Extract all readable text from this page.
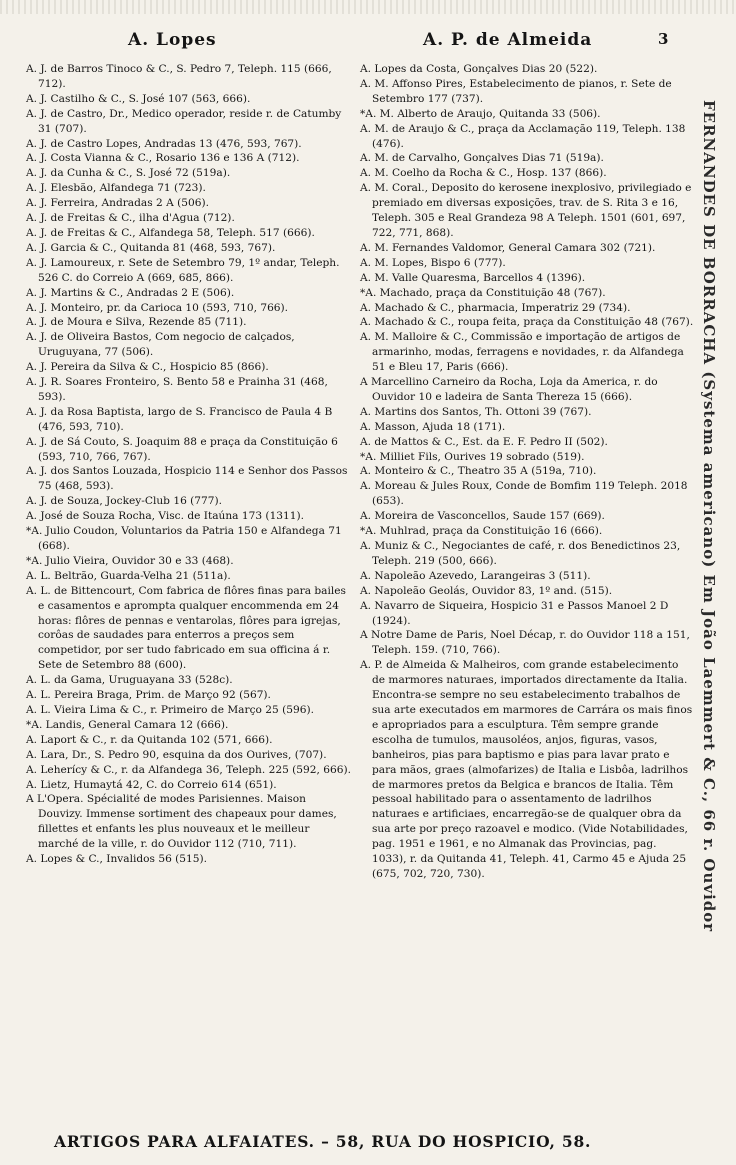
A. Lopes	A. P. de Almeida	3

A. J. de Barros Tinoco & C., S. Pedro 7, Teleph. 115 (666, 712).

A. J. Castilho & C., S. José 107 (563, 666).

A. J. de Castro, Dr., Medico operador, reside r. de Catumby 31 (707).

A. J. de Castro Lopes, Andradas 13 (476, 593, 767).

A. J. Costa Vianna & C., Rosario 136 e 136 A (712).

A. J. da Cunha & C., S. José 72 (519a).

A. J. Elesbão, Alfandega 71 (723).

A. J. Ferreira, Andradas 2 A (506).

A. J. de Freitas & C., ilha d'Agua (712).

A. J. de Freitas & C., Alfandega 58, Teleph. 517 (666).

A. J. Garcia & C., Quitanda 81 (468, 593, 767).

A. J. Lamoureux, r. Sete de Setembro 79, 1º andar, Teleph. 526 C. do Correio A (669, 685, 866).

A. J. Martins & C., Andradas 2 E (506).

A. J. Monteiro, pr. da Carioca 10 (593, 710, 766).

A. J. de Moura e Silva, Rezende 85 (711).

A. J. de Oliveira Bastos, Com negocio de calçados, Uruguyana, 77 (506).

A. J. Pereira da Silva & C., Hospicio 85 (866).

A. J. R. Soares Fronteiro, S. Bento 58 e Prainha 31 (468, 593).

A. J. da Rosa Baptista, largo de S. Francisco de Paula 4 B (476, 593, 710).

A. J. de Sá Couto, S. Joaquim 88 e praça da Constituição 6 (593, 710, 766, 767).

A. J. dos Santos Louzada, Hospicio 114 e Senhor dos Passos 75 (468, 593).

A. J. de Souza, Jockey-Club 16 (777).

A. José de Souza Rocha, Visc. de Itaúna 173 (1311).

*A. Julio Coudon, Voluntarios da Patria 150 e Alfandega 71 (668).

*A. Julio Vieira, Ouvidor 30 e 33 (468).

A. L. Beltrão, Guarda-Velha 21 (511a).

A. L. de Bittencourt, Com fabrica de flôres finas para bailes e casamentos e apromptа qualquer encommenda em 24 horas: flôres de pennas e ventarolas, flôres para igrejas, corôas de saudades para enterros a preços sem competidor, por ser tudo fabricado em sua officina á r. Sete de Setembro 88 (600).

A. L. da Gama, Uruguayana 33 (528c).

A. L. Pereira Braga, Prim. de Março 92 (567).

A. L. Vieira Lima & C., r. Primeiro de Março 25 (596).

*A. Landis, General Camara 12 (666).

A. Laport & C., r. da Quitanda 102 (571, 666).

A. Lara, Dr., S. Pedro 90, esquina da dos Ourives, (707).

A. Leherícy & C., r. da Alfandega 36, Teleph. 225 (592, 666).

A. Lietz, Humaytá 42, C. do Correio 614 (651).

A L'Opera. Spécialité de modes Parisiennes. Maison Douvizy. Immense sortiment des chapeaux pour dames, fillettes et enfants les plus nouveaux et le meilleur marché de la ville, r. do Ouvidor 112 (710, 711).

A. Lopes & C., Invalidos 56 (515).

A. Lopes da Costa, Gonçalves Dias 20 (522).

A. M. Affonso Pires, Estabelecimento de pianos, r. Sete de Setembro 177 (737).

*A. M. Alberto de Araujo, Quitanda 33 (506).

A. M. de Araujo & C., praça da Acclamação 119, Teleph. 138 (476).

A. M. de Carvalho, Gonçalves Dias 71 (519a).

A. M. Coelho da Rocha & C., Hosp. 137 (866).

A. M. Coral., Deposito do kerosene inexplosivo, privilegiado e premiado em diversas exposições, trav. de S. Rita 3 e 16, Teleph. 305 e Real Grandeza 98 A Teleph. 1501 (601, 697, 722, 771, 868).

A. M. Fernandes Valdomor, General Camara 302 (721).

A. M. Lopes, Bispo 6 (777).

A. M. Valle Quaresma, Barcellos 4 (1396).

*A. Machado, praça da Constituição 48 (767).

A. Machado & C., pharmacia, Imperatriz 29 (734).

A. Machado & C., roupa feita, praça da Constituição 48 (767).

A. M. Malloire & C., Commissão e importação de artigos de armarinho, modas, ferragens e novidades, r. da Alfandega 51 e Bleu 17, Paris (666).

A Marcellino Carneiro da Rocha, Loja da America, r. do Ouvidor 10 e ladeira de Santa Thereza 15 (666).

A. Martins dos Santos, Th. Ottoni 39 (767).

A. Masson, Ajuda 18 (171).

A. de Mattos & C., Est. da E. F. Pedro II (502).

*A. Milliet Fils, Ourives 19 sobrado (519).

A. Monteiro & C., Theatro 35 A (519a, 710).

A. Moreau & Jules Roux, Conde de Bomfim 119 Teleph. 2018 (653).

A. Moreira de Vasconcellos, Saude 157 (669).

*A. Muhlrad, praça da Constituição 16 (666).

A. Muniz & C., Negociantes de café, r. dos Benedictinos 23, Teleph. 219 (500, 666).

A. Napoleão Azevedo, Larangeiras 3 (511).

A. Napoleão Geolás, Ouvidor 83, 1º and. (515).

A. Navarro de Siqueira, Hospicio 31 e Passos Manoel 2 D (1924).

A Notre Dame de Paris, Noel Décap, r. do Ouvidor 118 a 151, Teleph. 159. (710, 766).

A. P. de Almeida & Malheiros, com grande estabelecimento de marmores naturaes, importados directamente da Italia. Encontra-se sempre no seu estabelecimento trabalhos de sua arte executados em marmores de Carrára os mais finos e apropriados para a esculptura. Têm sempre grande escolha de tumulos, mausoléos, anjos, figuras, vasos, banheiros, pias para baptismo e pias para lavar prato e para mãos, graes (almofarizes) de Italia e Lisbôa, ladrilhos de marmores pretos da Belgica e brancos de Italia. Têm pessoal habilitado para o assentamento de ladrilhos naturaes e artificiaes, encarregão-se de qualquer obra da sua arte por preço razoavel e modico. (Vide Notabilidades, pag. 1951 e 1961, e no Almanak das Provincias, pag. 1033), r. da Quitanda 41, Teleph. 41, Carmo 45 e Ajuda 25 (675, 702, 720, 730).	FERNANDES DE BORRACHA (Systema americano) Em João Laemmert & C., 66 r. Ouvidor
ARTIGOS PARA ALFAIATES. – 58, RUA DO HOSPICIO, 58.
